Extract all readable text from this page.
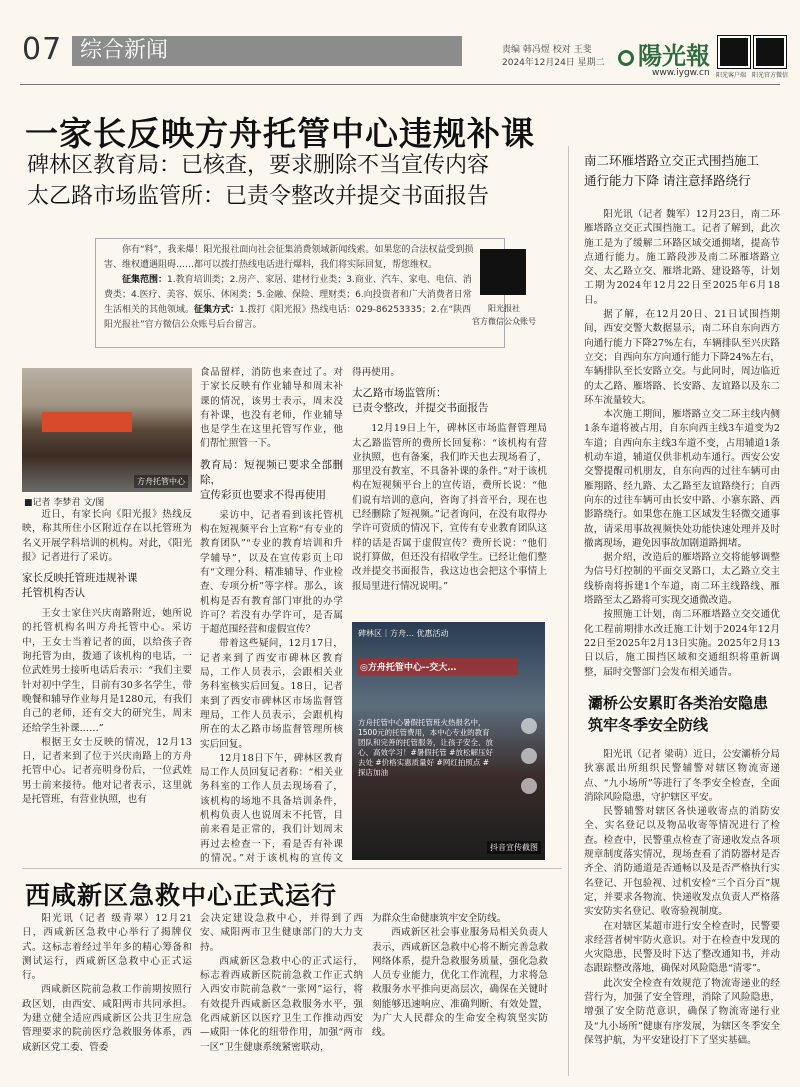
07 综合新闻	责编 韩冯煜 校对 王斐
2024年12月24日 星期二	陽光報
www.iygw.cn 阳光客户端 阳光官方微信
一家长反映方舟托管中心违规补课
碑林区教育局：已核查，要求删除不当宣传内容
太乙路市场监管所：已责令整改并提交书面报告

你有“料”，我来爆！阳光报社面向社会征集消费领域新闻线索。如果您的合法权益受到损害、维权遭遇阻碍……都可以拨打热线电话进行爆料，我们将实际回复，帮您维权。

征集范围：1.教育培训类；2.房产、家居、建材行业类；3.商业、汽车、家电、电信、消费类；4.医疗、美容、娱乐、休闲类；5.金融、保险、理财类；6.向投资者和广大消费者日常生活相关的其他领域。征集方式：1.拨打《阳光报》热线电话：029-86253335；2.在“陕西阳光报社”官方微信公众账号后台留言。

阳光报社
官方微信公众账号
方舟托管中心
■记者 李梦君 文/图

近日，有家长向《阳光报》热线反映，称其所住小区附近存在以托管班为名义开展学科培训的机构。对此，《阳光报》记者进行了采访。

家长反映托管班违规补课
托管机构否认

王女士家住兴庆南路附近，她所说的托管机构名叫方舟托管中心。采访中，王女士当着记者的面，以给孩子咨询托管为由，拨通了该机构的电话，一位武姓男士接听电话后表示：“我们主要针对初中学生，目前有30多名学生，带晚餐和辅导作业每月是1280元，有我们自己的老师，还有交大的研究生，周末还给学生补课……”

根据王女士反映的情况，12月13日，记者来到了位于兴庆南路上的方舟托管中心。记者亮明身份后，一位武姓男士前来接待。他对记者表示，这里就是托管班，有营业执照，也有

食品留样，消防也来查过了。对于家长反映有作业辅导和周末补课的情况，该男士表示，周末没有补课，也没有老师，作业辅导也是学生在这里托管写作业，他们帮忙照管一下。

教育局：短视频已要求全部删除，
宣传彩页也要求不得再使用

采访中，记者看到该托管机构在短视频平台上宣称“有专业的教育团队”“专业的教育培训和升学辅导”，以及在宣传彩页上印有“文理分科、精准辅导、作业检查、专项分析”等字样。那么，该机构是否有教育部门审批的办学许可？若没有办学许可，是否属于超范围经营和虚假宣传？

带着这些疑问，12月17日，记者来到了西安市碑林区教育局，工作人员表示，会跟相关业务科室核实后回复。18日，记者来到了西安市碑林区市场监督管理局，工作人员表示，会跟机构所在的太乙路市场监督管理所核实后回复。

12月18日下午，碑林区教育局工作人员回复记者称：“相关业务科室的工作人员去现场看了，该机构的场地不具备培训条件，机构负责人也说周末不托管，目前来看是正常的，我们计划周末再过去检查一下，看是否有补课的情况。”对于该机构的宣传文

得再使用。

太乙路市场监管所：
已责令整改，并提交书面报告

12月19日上午，碑林区市场监督管理局太乙路监管所的费所长回复称：“该机构有营业执照，也有备案，我们昨天也去现场看了，那里没有教室，不具备补课的条件。”对于该机构在短视频平台上的宣传语，费所长说：“他们说有培训的意向，咨询了抖音平台，现在也已经删除了短视频。”记者询问，在没有取得办学许可资质的情况下，宣传有专业教育团队这样的话是否属于虚假宣传？费所长说：“他们说打算做，但还没有招收学生。已经让他们整改并提交书面报告，我这边也会把这个事情上报局里进行情况说明。”

碑林区｜方舟… 优惠活动
◎方舟托管中心--交大…
方舟托管中心暑假托管班火热报名中，1500元的托管费用，本中心专业的教育团队和完善的托管服务，让孩子安全、放心、高效学习！#暑假托管 #放松解压好去处 #价格实惠质量好 #网红拍照点 #探店加油
抖音宣传截图
南二环雁塔路立交正式围挡施工
通行能力下降 请注意择路绕行

阳光讯（记者 魏军）12月23日，南二环雁塔路立交正式围挡施工。记者了解到，此次施工是为了缓解二环路区域交通拥堵，提高节点通行能力。施工路段涉及南二环雁塔路立交、太乙路立交、雁塔北路、建设路等，计划工期为2024年12月22日至2025年6月18日。

据了解，在12月20日、21日试围挡期间，西安交警大数据显示，南二环自东向西方向通行能力下降27%左右，车辆排队至兴庆路立交；自西向东方向通行能力下降24%左右，车辆排队至长安路立交。与此同时，周边临近的太乙路、雁塔路、长安路、友谊路以及东二环车流量较大。

本次施工期间，雁塔路立交二环主线内侧1条车道将被占用，自东向西主线3车道变为2车道；自西向东主线3车道不变，占用辅道1条机动车道，辅道仅供非机动车通行。西安公安交警提醒司机朋友，自东向西的过往车辆可由雁翔路、经九路、太乙路至友谊路绕行；自西向东的过往车辆可由长安中路、小寨东路、西影路绕行。如果您在施工区域发生轻微交通事故，请采用事故视频快处功能快速处理并及时撤离现场，避免因事故加剧道路拥堵。

据介绍，改造后的雁塔路立交将能够调整为信号灯控制的平面交叉路口，太乙路立交主线桥南将拆建1个车道，南二环主线路线、雁塔路至太乙路将可实现交通微改造。

按照施工计划，南二环雁塔路立交交通优化工程前期排水改迁施工计划于2024年12月22日至2025年2月13日实施。2025年2月13日以后，施工围挡区域和交通组织将重新调整，届时交警部门会发布相关通告。

灞桥公安累盯各类治安隐患
筑牢冬季安全防线

阳光讯（记者 梁萌）近日，公安灞桥分局狄寨派出所组织民警辅警对辖区物流寄递点、“九小场所”等进行了冬季安全检查，全面消除风险隐患，守护辖区平安。

民警辅警对辖区各快递收寄点的消防安全、实名登记以及物品收寄等情况进行了检查。检查中，民警重点检查了寄递收发点各项规章制度落实情况，现场查看了消防器材是否齐全、消防通道是否通畅以及是否严格执行实名登记、开包验视、过机安检“三个百分百”规定，并要求各物流、快递收发点负责人严格落实安防实名登记、收寄验视制度。

在对辖区某超市进行安全检查时，民警要求经营者树牢防火意识。对于在检查中发现的火灾隐患，民警及时下达了整改通知书，并动态跟踪整改落地，确保对风险隐患“清零”。

此次安全检查有效规范了物流寄递业的经营行为，加强了安全管理，消除了风险隐患，增强了安全防范意识，确保了物流寄递行业及“九小场所”健康有序发展，为辖区冬季安全保驾护航，为平安建设打下了坚实基础。

西咸新区急救中心正式运行

阳光讯（记者 级青翠）12月21日，西咸新区急救中心举行了揭牌仪式。这标志着经过半年多的精心筹备和测试运行，西咸新区急救中心正式运行。

西咸新区院前急救工作前期按照行政区划，由西安、咸阳两市共同承担。为建立健全适应西咸新区公共卫生应急管理要求的院前医疗急救服务体系，西咸新区党工委、管委

会决定建设急救中心，并得到了西安、咸阳两市卫生健康部门的大力支持。

西咸新区急救中心的正式运行，标志着西咸新区院前急救工作正式纳入西安市院前急救“一张网”运行，将有效提升西咸新区急救服务水平，强化西咸新区以医疗卫生工作推动西安—咸阳一体化的纽带作用，加强“两市一区”卫生健康系统紧密联动，

为群众生命健康筑牢安全防线。

西咸新区社会事业服务局相关负责人表示，西咸新区急救中心将不断完善急救网络体系，提升急救服务质量，强化急救人员专业能力，优化工作流程，力求将急救服务水平推向更高层次，确保在关键时刻能够迅速响应、准确判断、有效处置，为广大人民群众的生命安全构筑坚实防线。
